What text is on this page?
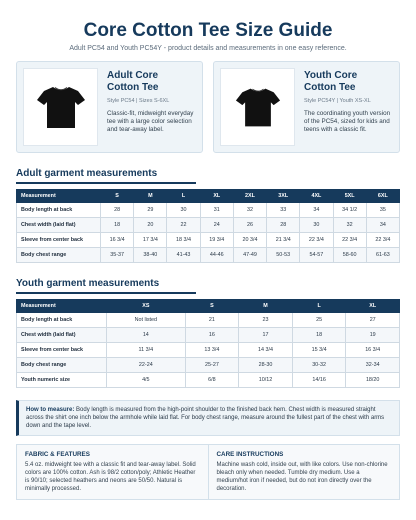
Core Cotton Tee Size Guide
Adult PC54 and Youth PC54Y - product details and measurements in one easy reference.
Adult Core
Cotton Tee
Style PC54 | Sizes S-6XL
Classic-fit, midweight everyday tee with a large color selection and tear-away label.
Youth Core
Cotton Tee
Style PC54Y | Youth XS-XL
The coordinating youth version of the PC54, sized for kids and teens with a classic fit.
Adult garment measurements
Measurement	S	M	L	XL	2XL	3XL	4XL	5XL	6XL
Body length at back	28	29	30	31	32	33	34	34 1/2	35
Chest width (laid flat)	18	20	22	24	26	28	30	32	34
Sleeve from center back	16 3/4	17 3/4	18 3/4	19 3/4	20 3/4	21 3/4	22 3/4	22 3/4	22 3/4
Body chest range	35-37	38-40	41-43	44-46	47-49	50-53	54-57	58-60	61-63
Youth garment measurements
Measurement	XS	S	M	L	XL
Body length at back	Not listed	21	23	25	27
Chest width (laid flat)	14	16	17	18	19
Sleeve from center back	11 3/4	13 3/4	14 3/4	15 3/4	16 3/4
Body chest range	22-24	25-27	28-30	30-32	32-34
Youth numeric size	4/5	6/8	10/12	14/16	18/20
How to measure: Body length is measured from the high-point shoulder to the finished back hem. Chest width is measured straight across the shirt one inch below the armhole while laid flat. For body chest range, measure around the fullest part of the chest with arms down and the tape level.
FABRIC & FEATURES
5.4 oz. midweight tee with a classic fit and tear-away label. Solid colors are 100% cotton. Ash is 98/2 cotton/poly; Athletic Heather is 90/10; selected heathers and neons are 50/50. Natural is minimally processed.
CARE INSTRUCTIONS
Machine wash cold, inside out, with like colors. Use non-chlorine bleach only when needed. Tumble dry medium. Use a medium/hot iron if needed, but do not iron directly over the decoration.
